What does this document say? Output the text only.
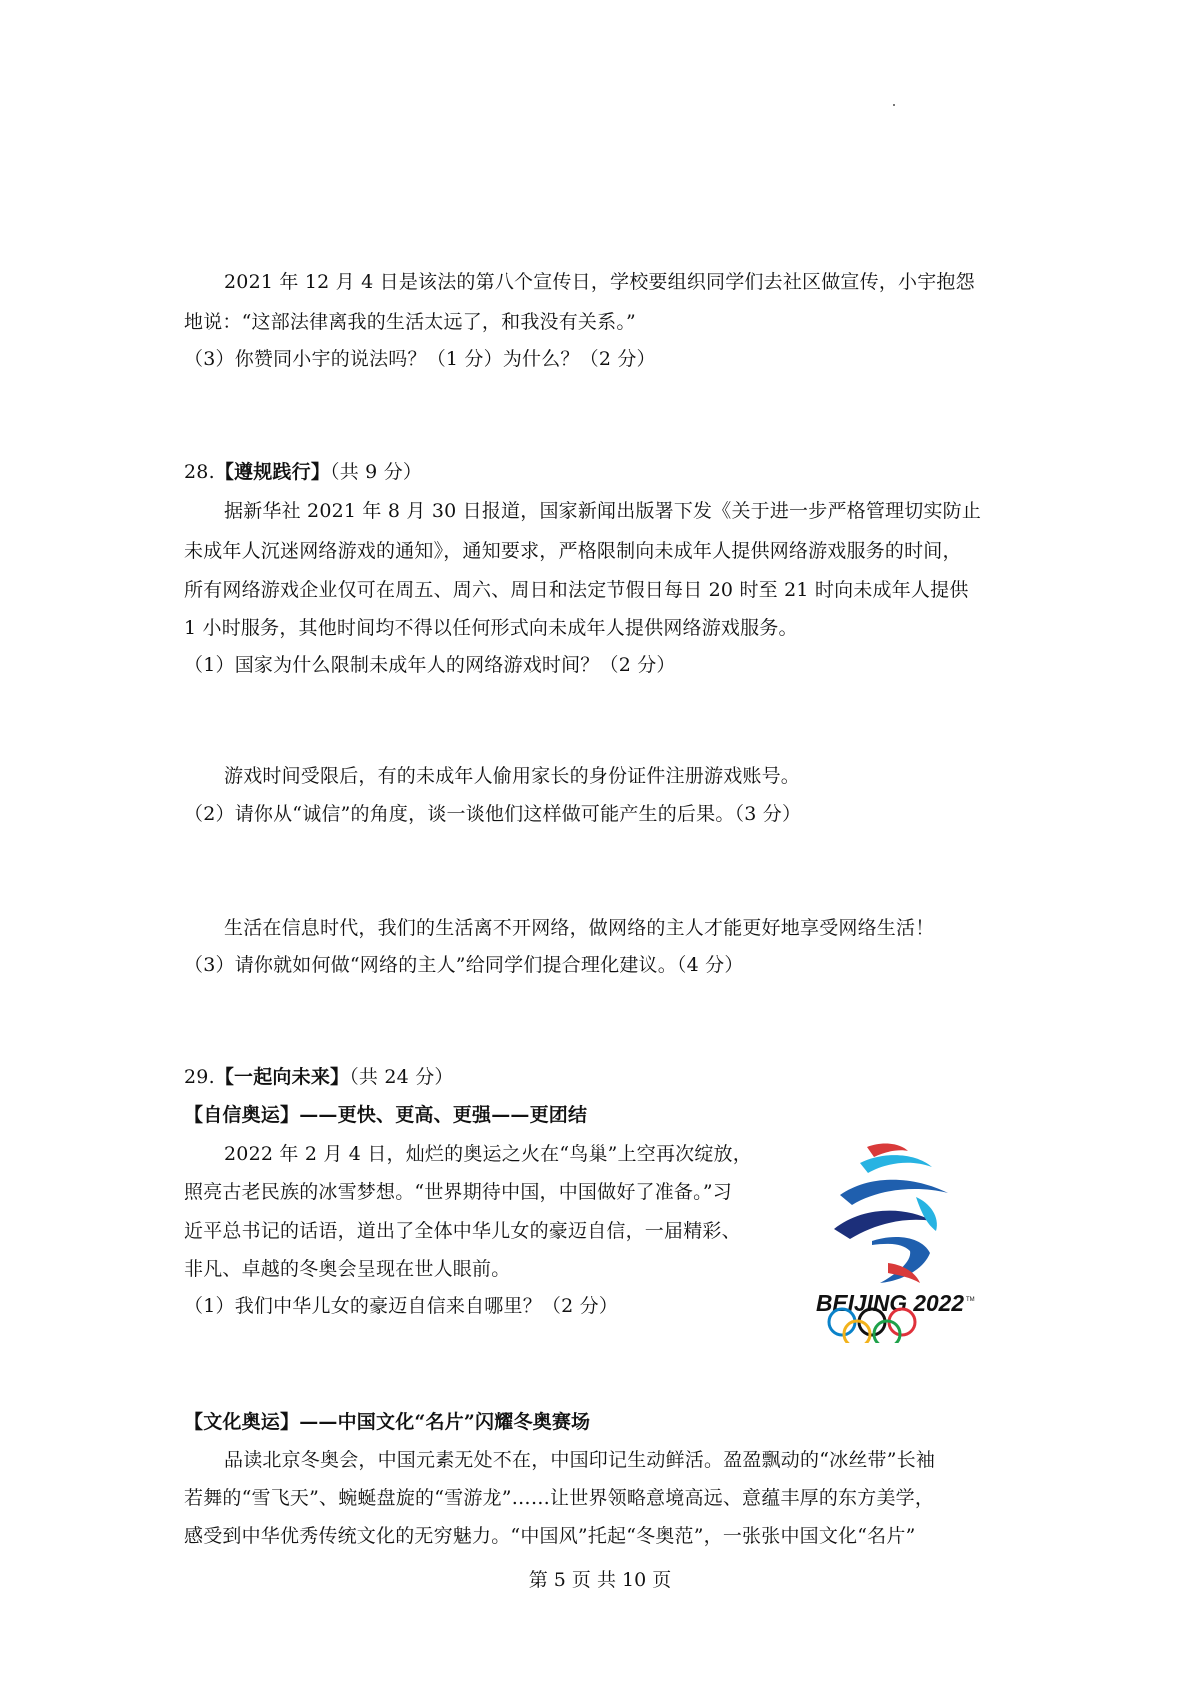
2021 年 12 月 4 日是该法的第八个宣传日，学校要组织同学们去社区做宣传，小宇抱怨
地说：“这部法律离我的生活太远了，和我没有关系。”
（3）你赞同小宇的说法吗？（1 分）为什么？（2 分）
28.【遵规践行】（共 9 分）
据新华社 2021 年 8 月 30 日报道，国家新闻出版署下发《关于进一步严格管理切实防止
未成年人沉迷网络游戏的通知》，通知要求，严格限制向未成年人提供网络游戏服务的时间，
所有网络游戏企业仅可在周五、周六、周日和法定节假日每日 20 时至 21 时向未成年人提供
1 小时服务，其他时间均不得以任何形式向未成年人提供网络游戏服务。
（1）国家为什么限制未成年人的网络游戏时间？（2 分）
游戏时间受限后，有的未成年人偷用家长的身份证件注册游戏账号。
（2）请你从“诚信”的角度，谈一谈他们这样做可能产生的后果。（3 分）
生活在信息时代，我们的生活离不开网络，做网络的主人才能更好地享受网络生活！
（3）请你就如何做“网络的主人”给同学们提合理化建议。（4 分）
29.【一起向未来】（共 24 分）
【自信奥运】——更快、更高、更强——更团结
2022 年 2 月 4 日，灿烂的奥运之火在“鸟巢”上空再次绽放，
照亮古老民族的冰雪梦想。“世界期待中国，中国做好了准备。”习
近平总书记的话语，道出了全体中华儿女的豪迈自信，一届精彩、
非凡、卓越的冬奥会呈现在世人眼前。
（1）我们中华儿女的豪迈自信来自哪里？（2 分）	BEIJING 2022 TM
【文化奥运】——中国文化“名片”闪耀冬奥赛场
品读北京冬奥会，中国元素无处不在，中国印记生动鲜活。盈盈飘动的“冰丝带”长袖
若舞的“雪飞天”、蜿蜒盘旋的“雪游龙”……让世界领略意境高远、意蕴丰厚的东方美学，
感受到中华优秀传统文化的无穷魅力。“中国风”托起“冬奥范”，一张张中国文化“名片”
第 5 页 共 10 页
